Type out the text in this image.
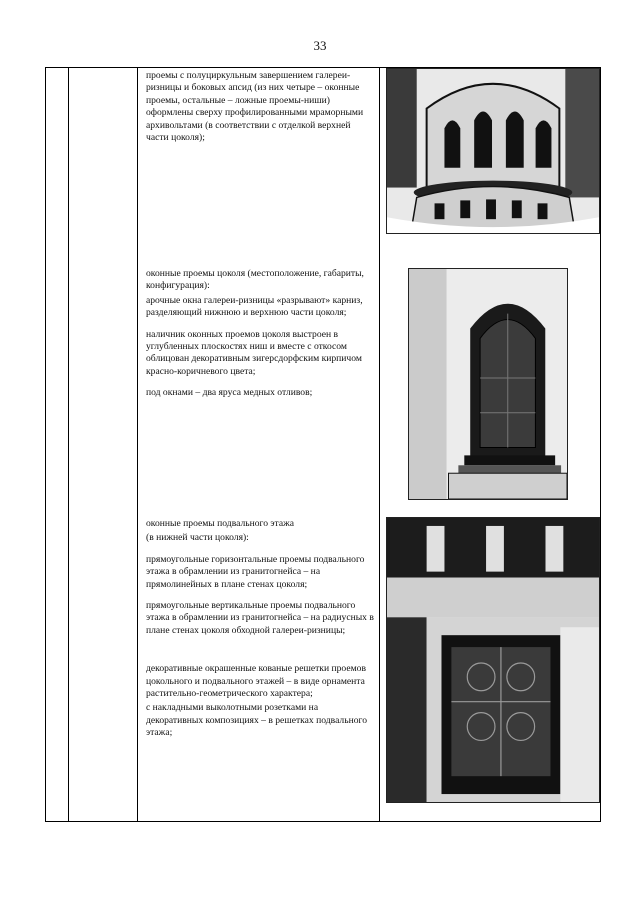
33

проемы с полуциркульным завершением галереи-ризницы и боковых апсид (из них четыре – оконные проемы, остальные – ложные проемы-ниши) оформлены сверху профилированными мраморными архивольтами (в соответствии с отделкой верхней части цоколя);

оконные проемы цоколя (местоположение, габариты, конфигурация):

арочные окна галереи-ризницы «разрывают» карниз, разделяющий нижнюю и верхнюю части цоколя;

наличник оконных проемов цоколя выстроен в углубленных плоскостях ниш и вместе с откосом облицован декоративным зигерсдорфским кирпичом красно-коричневого цвета;

под окнами – два яруса медных отливов;

оконные проемы подвального этажа

(в нижней части цоколя):

прямоугольные горизонтальные проемы подвального этажа в обрамлении из гранитогнейса – на прямолинейных в плане стенах цоколя;

прямоугольные вертикальные проемы подвального этажа в обрамлении из гранитогнейса – на радиусных в плане стенах цоколя обходной галереи-ризницы;

декоративные окрашенные кованые решетки проемов цокольного и подвального этажей – в виде орнамента растительно-геометрического характера;

с накладными выколотными розетками на декоративных композициях – в решетках подвального этажа;
